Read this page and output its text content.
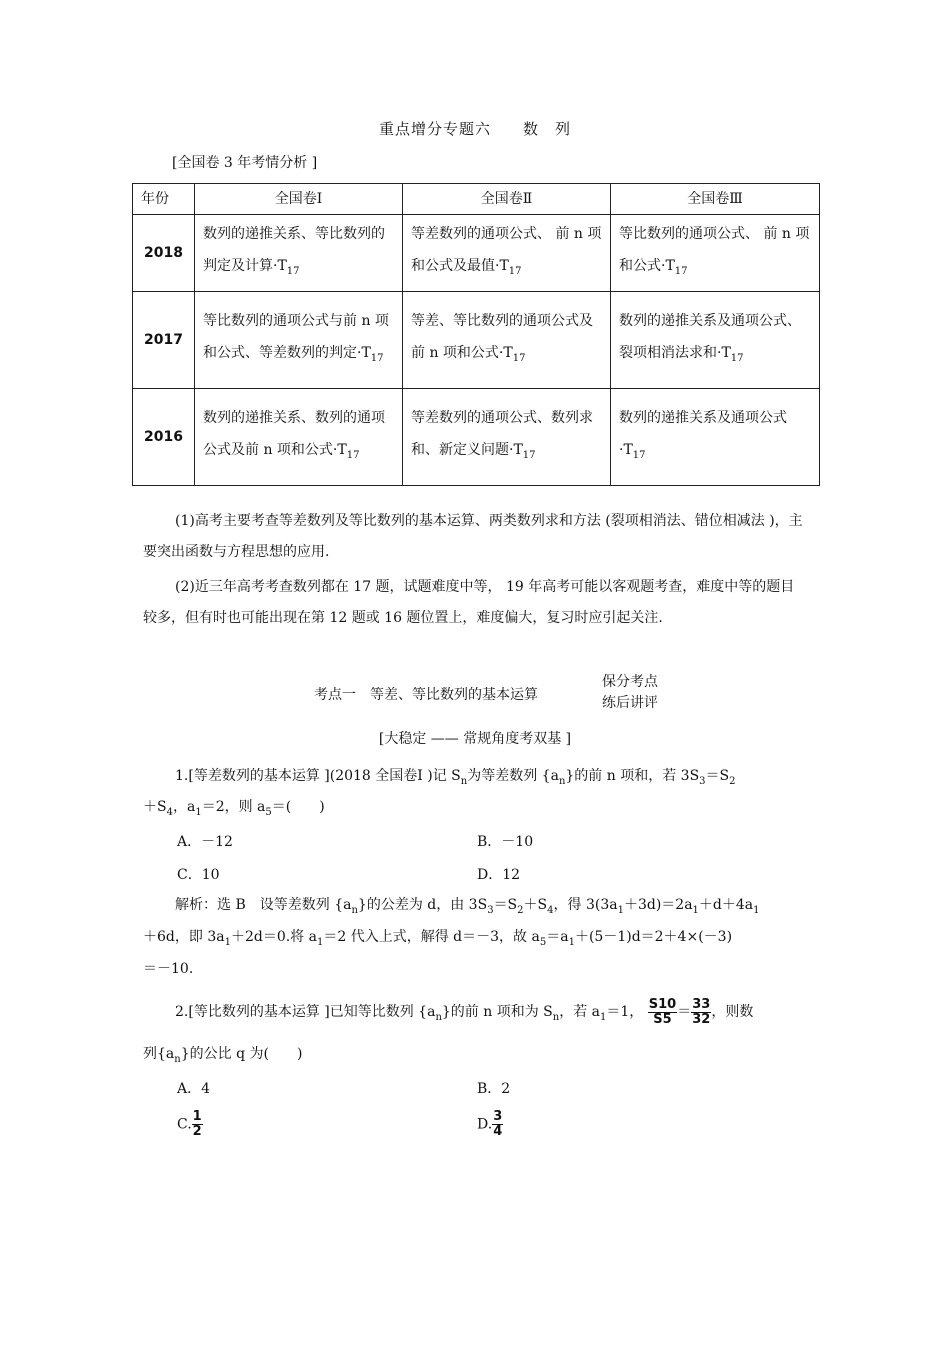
重点增分专题六　　数　列
[全国卷 3 年考情分析 ]
年份	全国卷Ⅰ	全国卷Ⅱ	全国卷Ⅲ
2018	数列的递推关系、等比数列的判定及计算$\cdot T_{17}$	等差数列的通项公式、 前 n 项和公式及最值$\cdot T_{17}$	等比数列的通项公式、 前 n 项和公式$\cdot T_{17}$
2017	等比数列的通项公式与前 n 项和公式、等差数列的判定$\cdot T_{17}$	等差、等比数列的通项公式及前 n 项和公式$\cdot T_{17}$	数列的递推关系及通项公式、裂项相消法求和$\cdot T_{17}$
2016	数列的递推关系、数列的通项公式及前 n 项和公式$\cdot T_{17}$	等差数列的通项公式、数列求和、新定义问题$\cdot T_{17}$	数列的递推关系及通项公式$\cdot T_{17}$
(1)高考主要考查等差数列及等比数列的基本运算、两类数列求和方法 (裂项相消法、错位相减法 )，主要突出函数与方程思想的应用.
(2)近三年高考考查数列都在 17 题，试题难度中等， 19 年高考可能以客观题考查，难度中等的题目较多，但有时也可能出现在第 12 题或 16 题位置上，难度偏大，复习时应引起关注.
考点一　等差、等比数列的基本运算
保分考点
练后讲评
[大稳定 —— 常规角度考双基 ]
1.[等差数列的基本运算 ](2018 全国卷Ⅰ )记 $S_n$为等差数列 $\{a_n\}$的前 n 项和，若 $3S_3=S_2$
$+S_4$，$a_1=2$，则 $a_5=$(　　)
A．－12	B．－10
C．10	D．12
解析：选 B　设等差数列 $\{a_n\}$的公差为 d，由 $3S_3=S_2+S_4$，得 $3(3a_1+3d)=2a_1+d+4a_1$
＋6d，即 $3a_1+2d=0$.将 $a_1=2$ 代入上式，解得 d＝－3，故 $a_5=a_1+(5-1)d=2+4\times(-3)$
＝－10.
2.[等比数列的基本运算 ]已知等比数列 $\{a_n\}$的前 n 项和为 $S_n$，若 $a_1=1$， $\frac{S10}{S5} = \frac{33}{32}$ ，则数
列$\{a_n\}$的公比 q 为(　　)
A．4	B．2
C. $\frac{1}{2}$	D. $\frac{3}{4}$
